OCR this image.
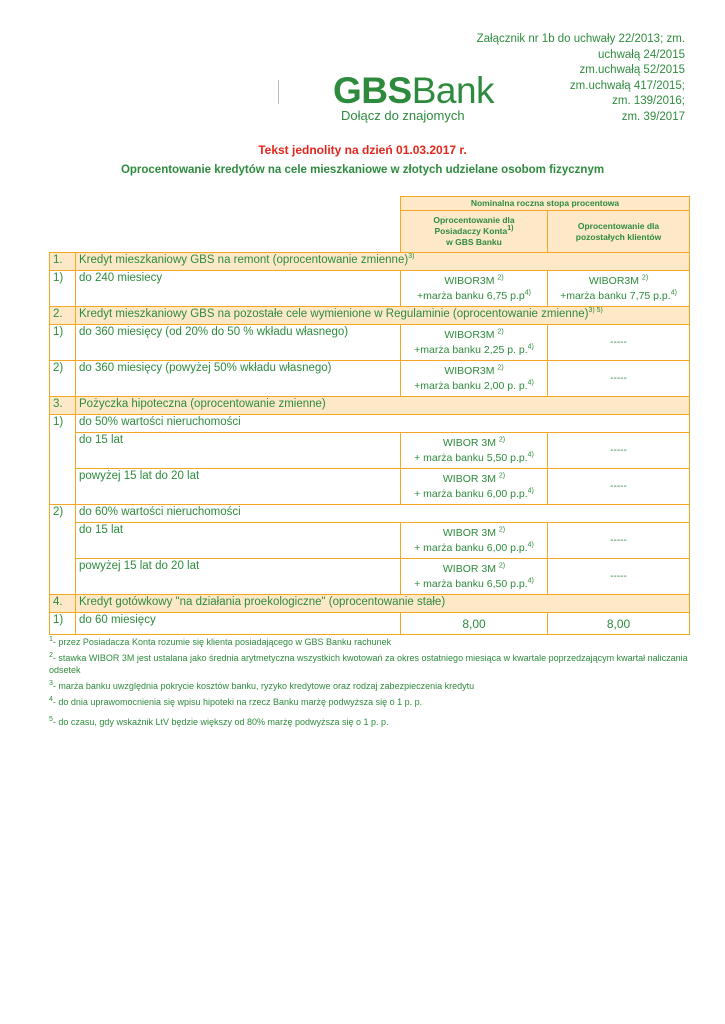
Załącznik nr 1b do uchwały 22/2013; zm.
uchwałą 24/2015
zm.uchwałą 52/2015
zm.uchwałą 417/2015;
zm. 139/2016;
zm. 39/2017
GBSBank
Dołącz do znajomych
Tekst jednolity na dzień 01.03.2017 r.
Oprocentowanie kredytów na cele mieszkaniowe w złotych udzielane osobom fizycznym
		Nominalna roczna stopa procentowa	
		Oprocentowanie dla
Posiadaczy Konta$^{1)}$
w GBS Banku	Oprocentowanie dla
pozostałych klientów
1.	Kredyt mieszkaniowy GBS na remont (oprocentowanie zmienne)$^{3)}$
1)	do 240 miesiecy	WIBOR3M $^{2)}$
+marża banku 6,75 $p.p^{4)}$	WIBOR3M $^{2)}$
+marża banku 7,75 p.p.$^{4)}$
2.	Kredyt mieszkaniowy GBS na pozostałe cele wymienione w Regulaminie (oprocentowanie zmienne)$^{3) 5)}$
1)	do 360 miesięcy (od 20% do 50 % wkładu własnego)	WIBOR3M $^{2)}$
+marża banku 2,25 p. p.$^{4)}$	-----
2)	do 360 miesięcy (powyżej 50% wkładu własnego)	WIBOR3M $^{2)}$
+marża banku 2,00 p. p.$^{4)}$	-----
3.	Pożyczka hipoteczna (oprocentowanie zmienne)		
1)	do 50% wartości nieruchomości		
	do 15 lat	WIBOR 3M $^{2)}$
+ marża banku 5,50 p.p.$^{4)}$	-----
	powyżej 15 lat do 20 lat	WIBOR 3M $^{2)}$
+ marża banku 6,00 p.p.$^{4)}$	-----
2)	do 60% wartości nieruchomości		
	do 15 lat	WIBOR 3M $^{2)}$
+ marża banku 6,00 p.p.$^{4)}$	-----
	powyżej 15 lat do 20 lat	WIBOR 3M $^{2)}$
+ marża banku 6,50 p.p.$^{4)}$	-----
4.	Kredyt gotówkowy "na działania proekologiczne" (oprocentowanie stałe)		
1)	do 60 miesięcy	8,00	8,00

$^1$- przez Posiadacza Konta rozumie się klienta posiadającego w GBS Banku rachunek

$^2$- stawka WIBOR 3M jest ustalana jako średnia arytmetyczna wszystkich kwotowań za okres ostatniego miesiąca w kwartale poprzedzającym kwartał naliczania odsetek

$^3$- marża banku uwzględnia pokrycie kosztów banku, ryzyko kredytowe oraz rodzaj zabezpieczenia kredytu

$^4$- do dnia uprawomocnienia się wpisu hipoteki na rzecz Banku marżę podwyższa się o 1 p. p.

$^5$- do czasu, gdy wskaźnik LtV będzie większy od 80% marżę podwyższa się o 1 p. p.
